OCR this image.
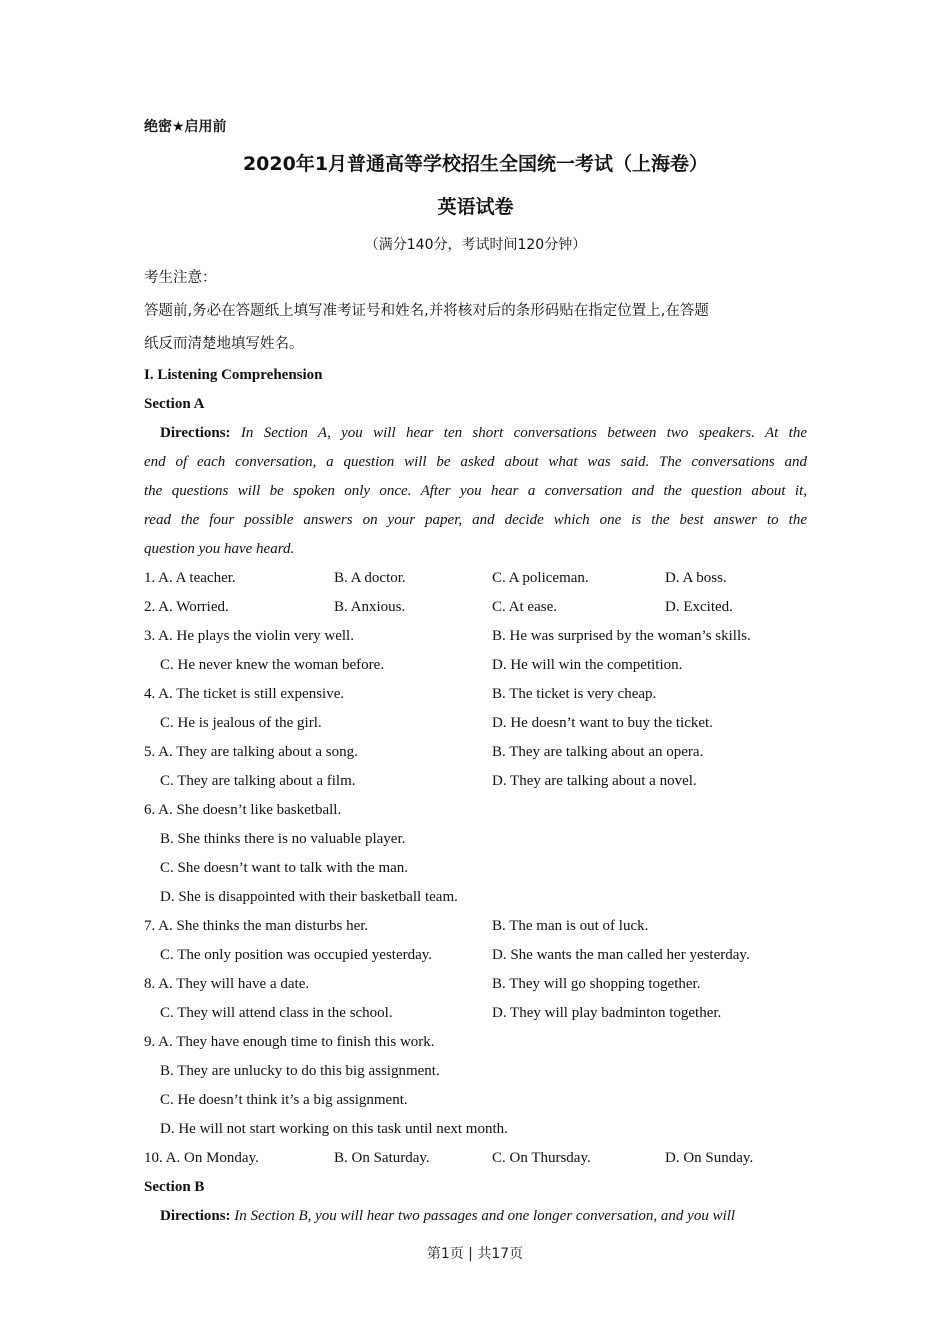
绝密★启用前
2020年1月普通高等学校招生全国统一考试（上海卷）
英语试卷
（满分140分，考试时间120分钟）
考生注意：
答题前,务必在答题纸上填写准考证号和姓名,并将核对后的条形码贴在指定位置上,在答题
纸反而清楚地填写姓名。
I. Listening Comprehension
Section A
Directions: In Section A, you will hear ten short conversations between two speakers. At the
end of each conversation, a question will be asked about what was said. The conversations and
the questions will be spoken only once. After you hear a conversation and the question about it,
read the four possible answers on your paper, and decide which one is the best answer to the
question you have heard.
1. A. A teacher.	B. A doctor.	C. A policeman.	D. A boss.
2. A. Worried.	B. Anxious.	C. At ease.	D. Excited.
3. A. He plays the violin very well.	B. He was surprised by the woman’s skills.
C. He never knew the woman before.	D. He will win the competition.
4. A. The ticket is still expensive.	B. The ticket is very cheap.
C. He is jealous of the girl.	D. He doesn’t want to buy the ticket.
5. A. They are talking about a song.	B. They are talking about an opera.
C. They are talking about a film.	D. They are talking about a novel.
6. A. She doesn’t like basketball.
B. She thinks there is no valuable player.
C. She doesn’t want to talk with the man.
D. She is disappointed with their basketball team.
7. A. She thinks the man disturbs her.	B. The man is out of luck.
C. The only position was occupied yesterday.	D. She wants the man called her yesterday.
8. A. They will have a date.	B. They will go shopping together.
C. They will attend class in the school.	D. They will play badminton together.
9. A. They have enough time to finish this work.
B. They are unlucky to do this big assignment.
C. He doesn’t think it’s a big assignment.
D. He will not start working on this task until next month.
10. A. On Monday.	B. On Saturday.	C. On Thursday.	D. On Sunday.
Section B
Directions: In Section B, you will hear two passages and one longer conversation, and you will
第1页 | 共17页
